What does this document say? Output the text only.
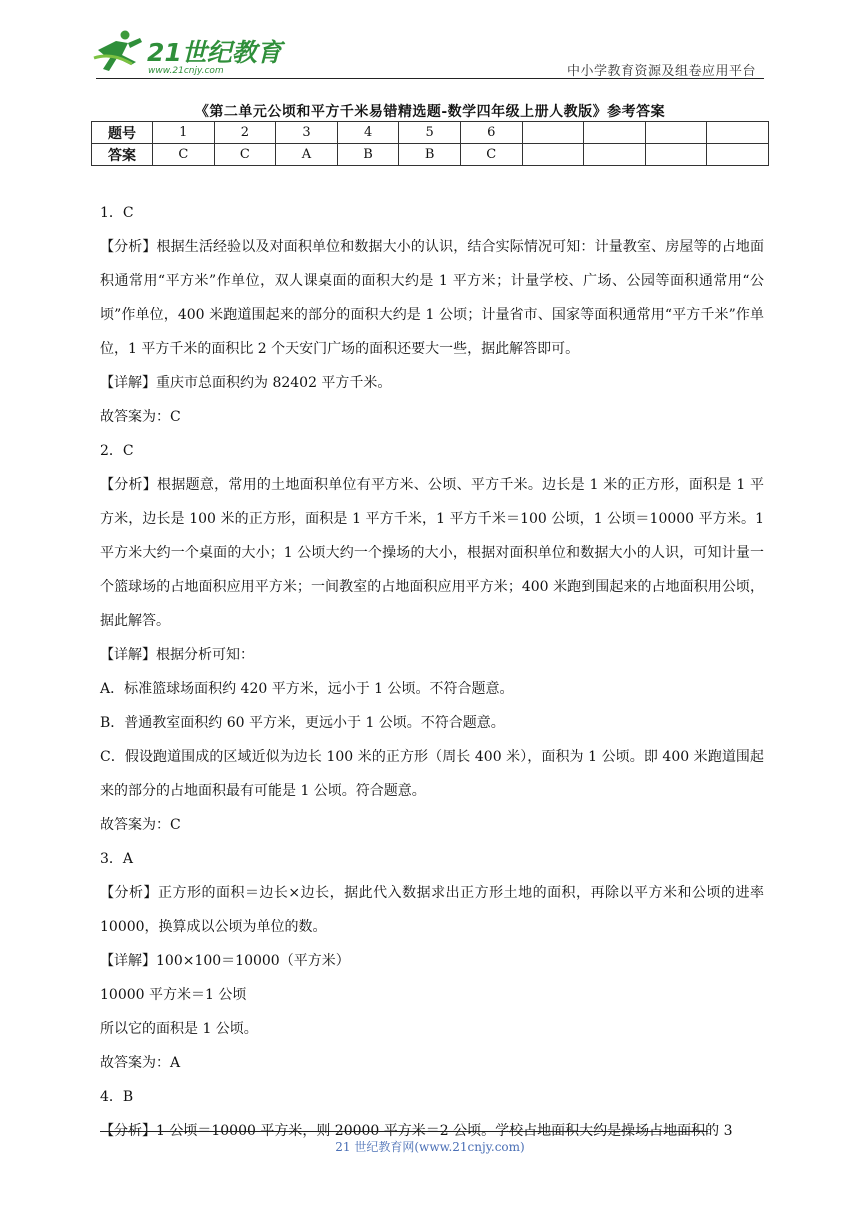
21世纪教育
www.21cnjy.com	中小学教育资源及组卷应用平台
《第二单元公顷和平方千米易错精选题-数学四年级上册人教版》参考答案
题号	1	2	3	4	5	6				
答案	C	C	A	B	B	C				

1．C

【分析】根据生活经验以及对面积单位和数据大小的认识，结合实际情况可知：计量教室、房屋等的占地面积通常用“平方米”作单位，双人课桌面的面积大约是 1 平方米；计量学校、广场、公园等面积通常用“公顷”作单位，400 米跑道围起来的部分的面积大约是 1 公顷；计量省市、国家等面积通常用“平方千米”作单位，1 平方千米的面积比 2 个天安门广场的面积还要大一些，据此解答即可。

【详解】重庆市总面积约为 82402 平方千米。

故答案为：C

2．C

【分析】根据题意，常用的土地面积单位有平方米、公顷、平方千米。边长是 1 米的正方形，面积是 1 平方米，边长是 100 米的正方形，面积是 1 平方千米，1 平方千米＝100 公顷，1 公顷＝10000 平方米。1 平方米大约一个桌面的大小；1 公顷大约一个操场的大小，根据对面积单位和数据大小的人识，可知计量一个篮球场的占地面积应用平方米；一间教室的占地面积应用平方米；400 米跑到围起来的占地面积用公顷，据此解答。

【详解】根据分析可知：

A．标准篮球场面积约 420 平方米，远小于 1 公顷。不符合题意。

B．普通教室面积约 60 平方米，更远小于 1 公顷。不符合题意。

C．假设跑道围成的区域近似为边长 100 米的正方形（周长 400 米），面积为 1 公顷。即 400 米跑道围起来的部分的占地面积最有可能是 1 公顷。符合题意。

故答案为：C

3．A

【分析】正方形的面积＝边长×边长，据此代入数据求出正方形土地的面积，再除以平方米和公顷的进率 10000，换算成以公顷为单位的数。

【详解】100×100＝10000（平方米）

10000 平方米＝1 公顷

所以它的面积是 1 公顷。

故答案为：A

4．B

【分析】1 公顷＝10000 平方米，则 20000 平方米＝2 公顷。学校占地面积大约是操场占地面积的 3

21 世纪教育网(www.21cnjy.com)
